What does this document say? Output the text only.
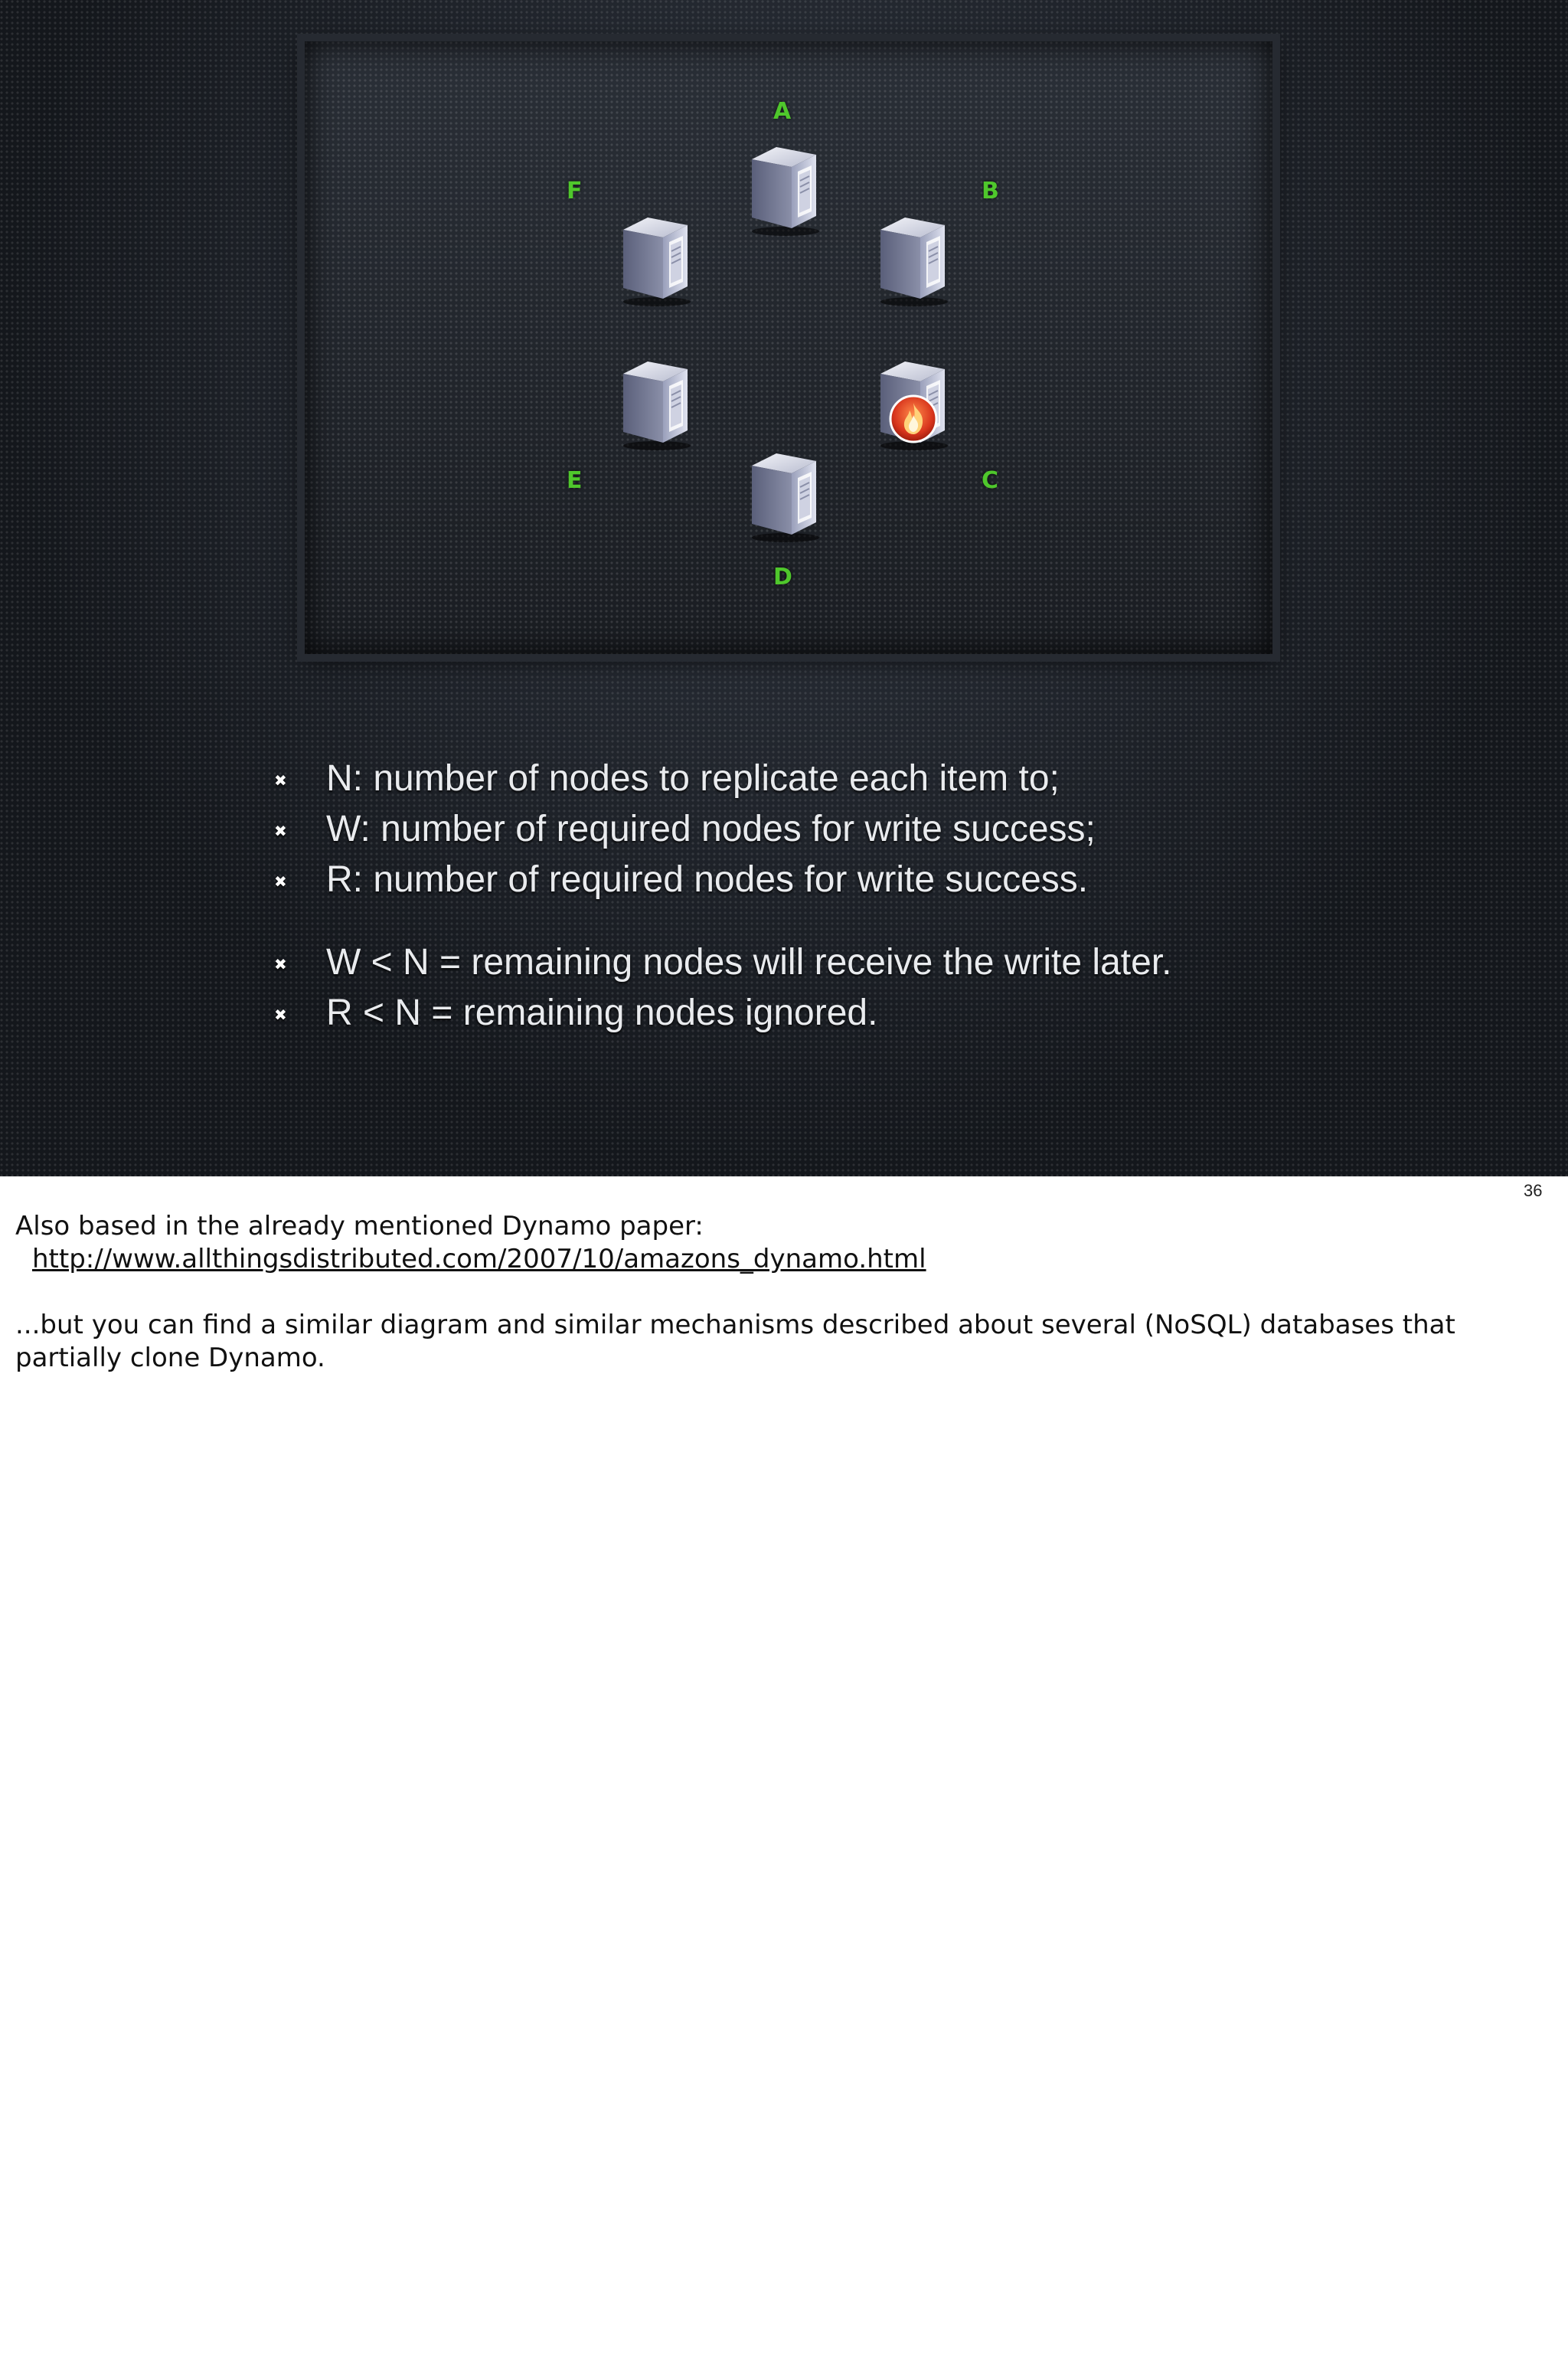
A
B
C
D
E
F
✖ N: number of nodes to replicate each item to;
✖ W: number of required nodes for write success;
✖ R: number of required nodes for write success.
✖ W < N = remaining nodes will receive the write later.
✖ R < N = remaining nodes ignored.
36

Also based in the already mentioned Dynamo paper:

http://www.allthingsdistributed.com/2007/10/amazons_dynamo.html

...but you can find a similar diagram and similar mechanisms described about several (NoSQL) databases that partially clone Dynamo.
